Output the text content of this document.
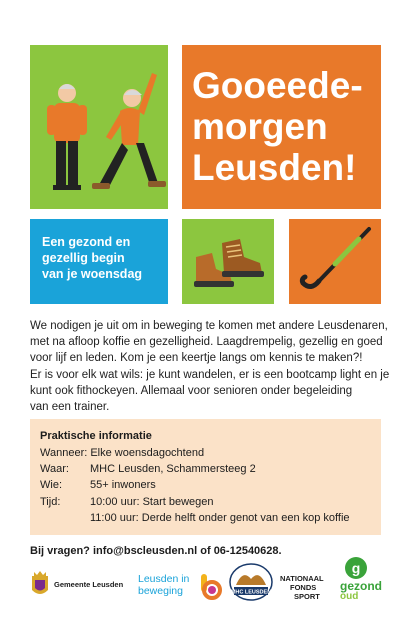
Gooeede-
morgen
Leusden!
Een gezond en
gezellig begin
van je woensdag
We nodigen je uit om in beweging te komen met andere Leusdenaren,
met na afloop koffie en gezelligheid. Laagdrempelig, gezellig en goed
voor lijf en leden. Kom je een keertje langs om kennis te maken?!
Er is voor elk wat wils: je kunt wandelen, er is een bootcamp light en je
kunt ook fithockeyen. Allemaal voor senioren onder begeleiding
van een trainer.
Praktische informatie
Wanneer: Elke woensdagochtend
Waar:	MHC Leusden, Schammersteeg 2
Wie:	55+ inwoners
Tijd:	10:00 uur: Start bewegen
11:00 uur: Derde helft onder genot van een kop koffie
Bij vragen? info@bscleusden.nl of 06-12540628.
Gemeente Leusden Leusden in
beweging	MHC LEUSDEN
NATIONAAL
FONDS
SPORT
g
gezond
oud
